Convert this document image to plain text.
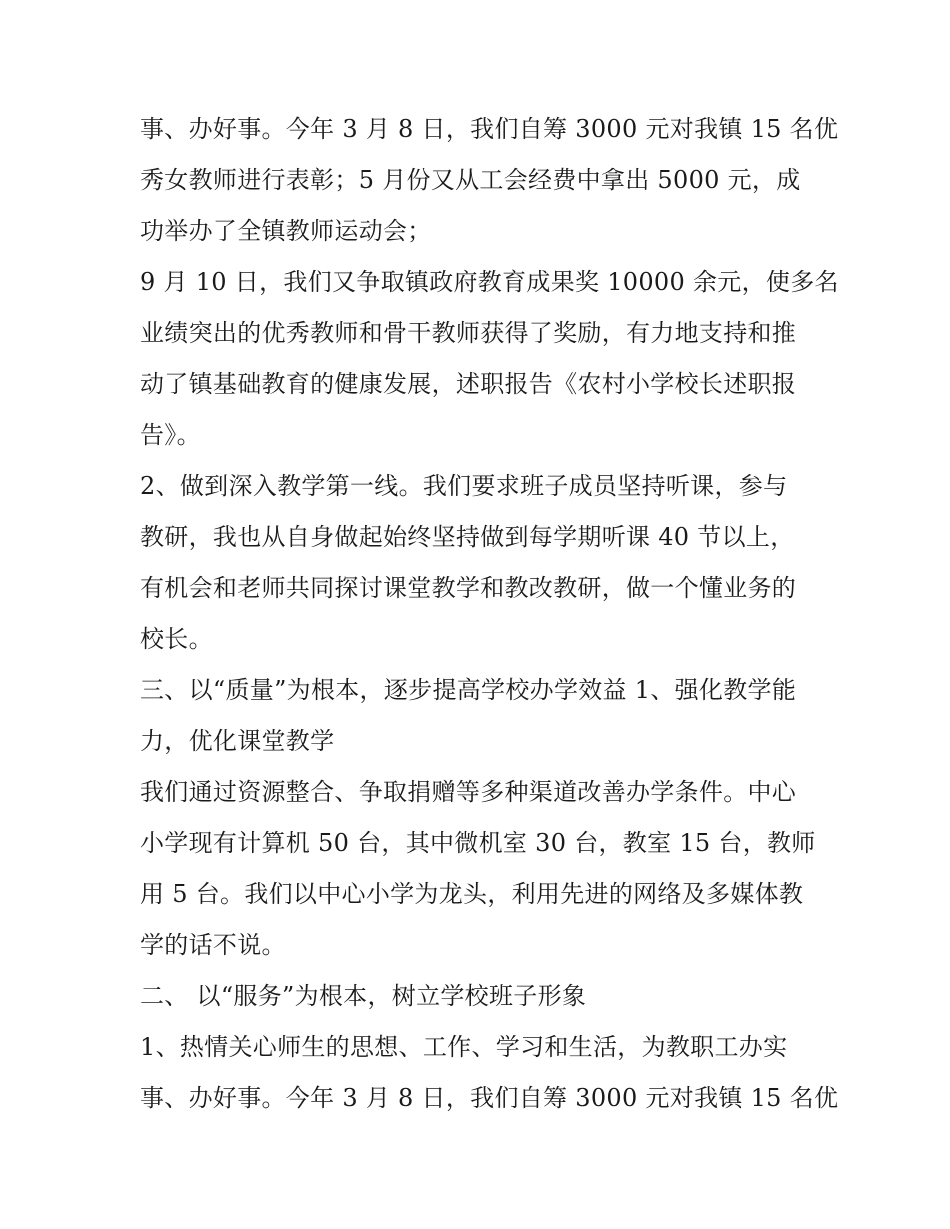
事、办好事。今年 3 月 8 日，我们自筹 3000 元对我镇 15 名优
秀女教师进行表彰；5 月份又从工会经费中拿出 5000 元，成
功举办了全镇教师运动会；
9 月 10 日，我们又争取镇政府教育成果奖 10000 余元，使多名
业绩突出的优秀教师和骨干教师获得了奖励，有力地支持和推
动了镇基础教育的健康发展，述职报告《农村小学校长述职报
告》。
2、做到深入教学第一线。我们要求班子成员坚持听课，参与
教研，我也从自身做起始终坚持做到每学期听课 40 节以上，
有机会和老师共同探讨课堂教学和教改教研，做一个懂业务的
校长。
三、以“质量”为根本，逐步提高学校办学效益 1、强化教学能
力，优化课堂教学
我们通过资源整合、争取捐赠等多种渠道改善办学条件。中心
小学现有计算机 50 台，其中微机室 30 台，教室 15 台，教师
用 5 台。我们以中心小学为龙头，利用先进的网络及多媒体教
学的话不说。
二、 以“服务”为根本，树立学校班子形象
1、热情关心师生的思想、工作、学习和生活，为教职工办实
事、办好事。今年 3 月 8 日，我们自筹 3000 元对我镇 15 名优
